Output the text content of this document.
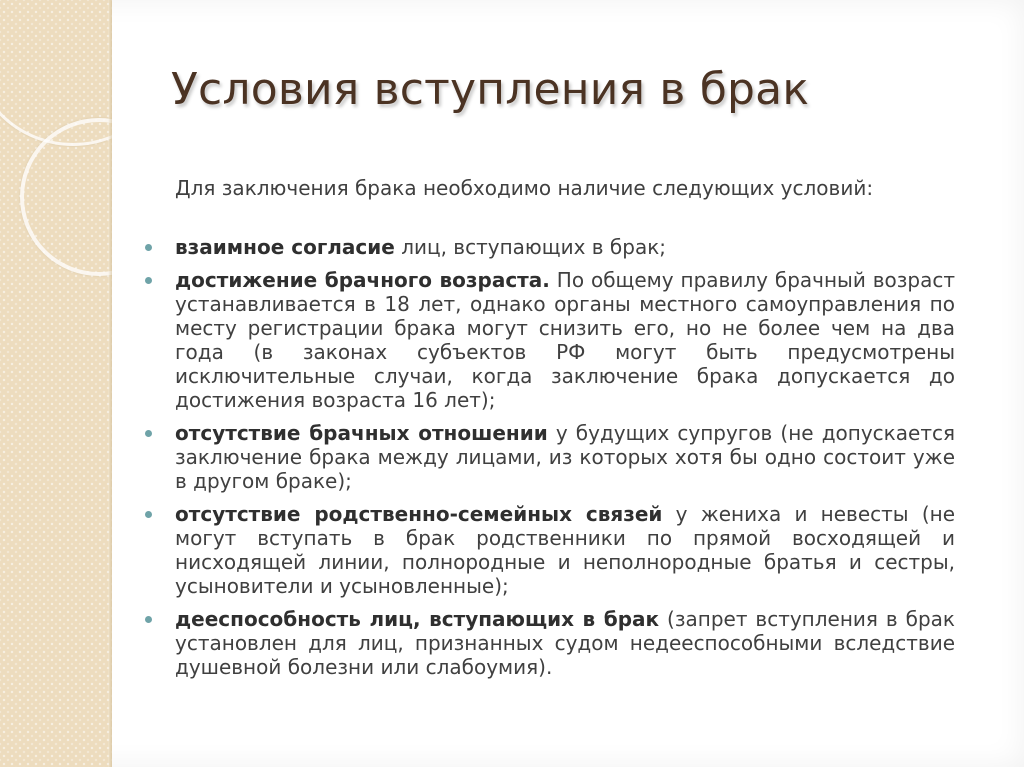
Условия вступления в брак

Для заключения брака необходимо наличие следующих условий:

взаимное согласие лиц, вступающих в брак;
достижение брачного возраста. По общему правилу брачный возраст устанавливается в 18 лет, однако органы местного самоуправления по месту регистрации брака могут снизить его, но не более чем на два года (в законах субъектов РФ могут быть предусмотрены исключительные случаи, когда заключение брака допускается до достижения возраста 16 лет);
отсутствие брачных отношении у будущих супругов (не допускается заключение брака между лицами, из которых хотя бы одно состоит уже в другом браке);
отсутствие родственно-семейных связей у жениха и невесты (не могут вступать в брак родственники по прямой восходящей и нисходящей линии, полнородные и неполнородные братья и сестры, усыновители и усыновленные);
дееспособность лиц, вступающих в брак (запрет вступления в брак установлен для лиц, признанных судом недееспособными вследствие душевной болезни или слабоумия).
